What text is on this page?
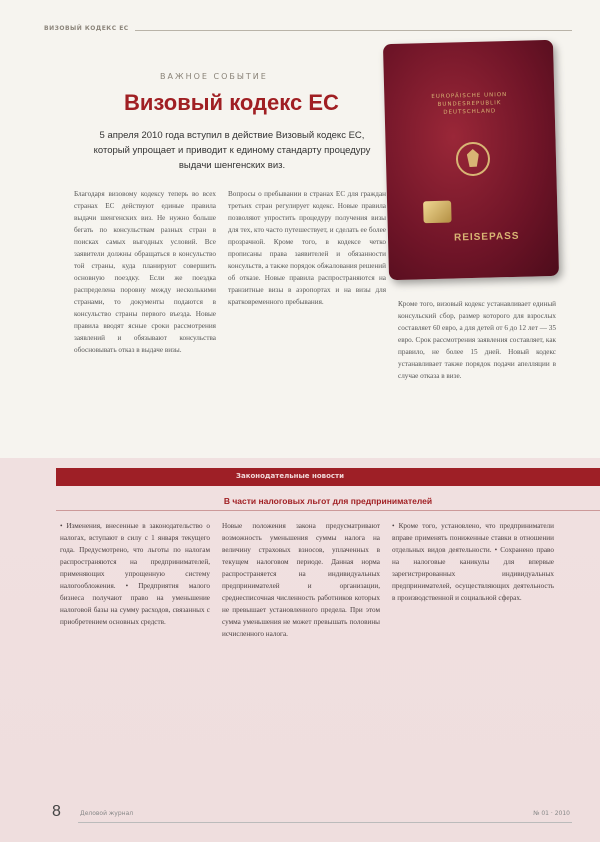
ВИЗОВЫЙ КОДЕКС ЕС
ВАЖНОЕ СОБЫТИЕ
Визовый кодекс ЕС
5 апреля 2010 года вступил в действие Визовый кодекс ЕС, который упрощает и приводит к единому стандарту процедуру выдачи шенгенских виз.
EUROPÄISCHE UNION
BUNDESREPUBLIK DEUTSCHLAND
REISEPASS

Благодаря визовому кодексу теперь во всех странах ЕС действуют единые правила выдачи шенгенских виз. Не нужно больше бегать по консульствам разных стран в поисках самых выгодных условий. Все заявители должны обращаться в консульство той страны, куда планируют совершить основную поездку. Если же поездка распределена поровну между несколькими странами, то документы подаются в консульство страны первого въезда. Новые правила вводят ясные сроки рассмотрения заявлений и обязывают консульства обосновывать отказ в выдаче визы.

Вопросы о пребывании в странах ЕС для граждан третьих стран регулирует кодекс. Новые правила позволяют упростить процедуру получения визы для тех, кто часто путешествует, и сделать ее более прозрачной. Кроме того, в кодексе четко прописаны права заявителей и обязанности консульств, а также порядок обжалования решений об отказе. Новые правила распространяются на транзитные визы в аэропортах и на визы для кратковременного пребывания.	Кроме того, визовый кодекс устанавливает единый консульский сбор, размер которого для взрослых составляет 60 евро, а для детей от 6 до 12 лет — 35 евро. Срок рассмотрения заявления составляет, как правило, не более 15 дней. Новый кодекс устанавливает также порядок подачи апелляции в случае отказа в визе.

Законодательные новости
В части налоговых льгот для предпринимателей

• Изменения, внесенные в законодательство о налогах, вступают в силу с 1 января текущего года. Предусмотрено, что льготы по налогам распространяются на предпринимателей, применяющих упрощенную систему налогообложения. • Предприятия малого бизнеса получают право на уменьшение налоговой базы на сумму расходов, связанных с приобретением основных средств.

Новые положения закона предусматривают возможность уменьшения суммы налога на величину страховых взносов, уплаченных в текущем налоговом периоде. Данная норма распространяется на индивидуальных предпринимателей и организации, среднесписочная численность работников которых не превышает установленного предела. При этом сумма уменьшения не может превышать половины исчисленного налога.

• Кроме того, установлено, что предприниматели вправе применять пониженные ставки в отношении отдельных видов деятельности. • Сохранено право на налоговые каникулы для впервые зарегистрированных индивидуальных предпринимателей, осуществляющих деятельность в производственной и социальной сферах.

8	Деловой журнал	№ 01 · 2010
